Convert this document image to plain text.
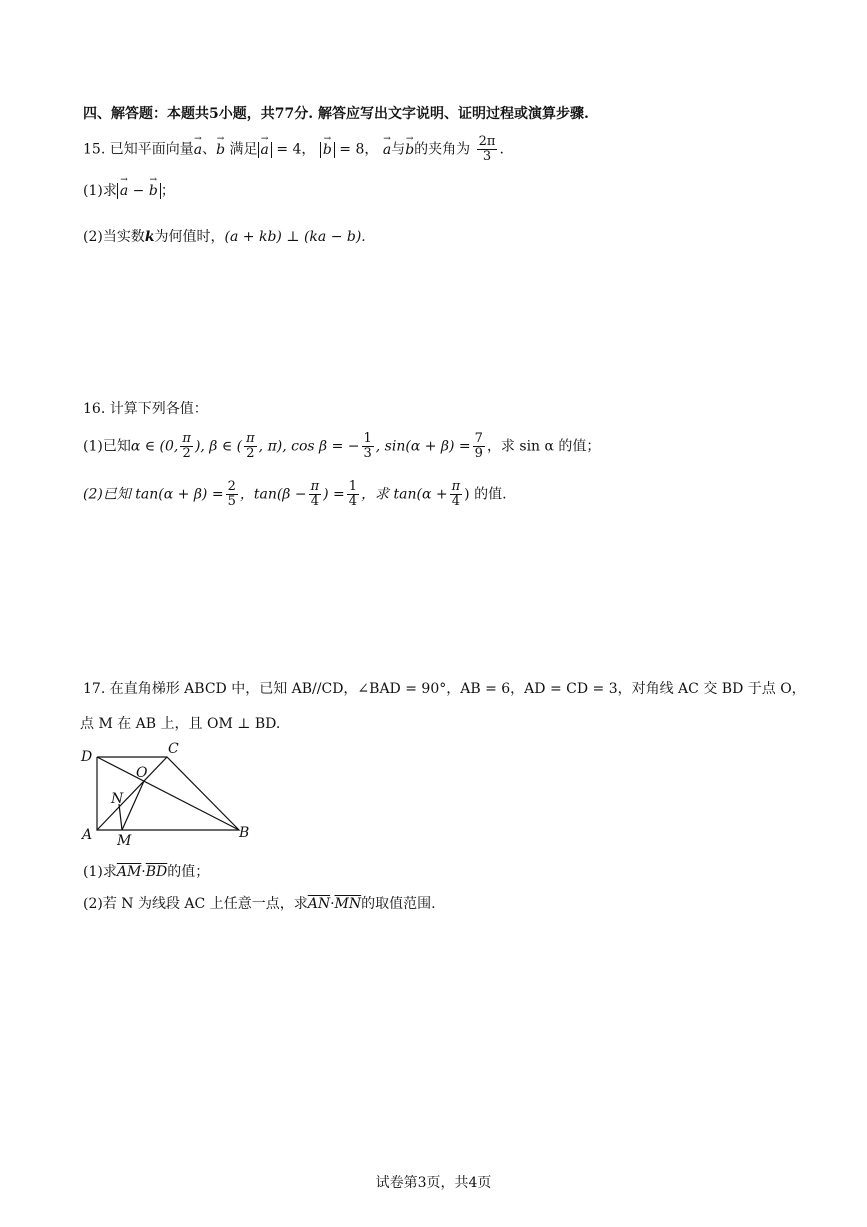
四、解答题：本题共5小题，共77分. 解答应写出文字说明、证明过程或演算步骤.
15. 已知平面向量→ a、→ b 满足 → a = 4， → b = 8， → a与→ b的夹角为 $\frac{2\pi}{3}$ .
(1)求 → a − → b ；
(2)当实数k为何值时，(a + kb) ⊥ (ka − b).
16. 计算下列各值：
(1)已知α ∈ (0, $\frac{\pi}{2}$ ), β ∈ ( $\frac{\pi}{2}$ , π), cos β = − $\frac{1}{3}$ , $\sin(\alpha + \beta) = \frac{7}{9}$ ，求 sin α 的值；
(2)已知 $\tan(\alpha + \beta) = \frac{2}{5}$ ，$\tan(\beta - \frac{\pi}{4}$ ) = $\frac{1}{4}$ ，求 $\tan(\alpha + \frac{\pi}{4}$ ) 的值.
17. 在直角梯形 ABCD 中，已知 AB//CD，∠BAD = 90°，AB = 6，AD = CD = 3，对角线 AC 交 BD 于点 O，
点 M 在 AB 上，且 OM ⊥ BD.
D	C
O
N
A M	B
(1)求$\overline{AM}\cdot\overline{BD}$的值；
(2)若 N 为线段 AC 上任意一点，求$\overline{AN}\cdot\overline{MN}$的取值范围.
试卷第3页，共4页
